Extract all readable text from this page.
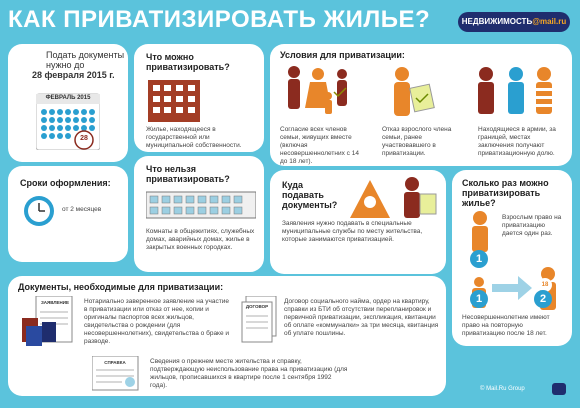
КАК ПРИВАТИЗИРОВАТЬ ЖИЛЬЕ?	НЕДВИЖИМОСТЬ@mail.ru
Подать документы
нужно до
28 февраля 2015 г.
ФЕВРАЛЬ 2015
28
Сроки оформления:
от 2 месяцев
Что можно приватизировать?
Жилье, находящееся в государственной или муниципальной собственности.
Что нельзя приватизировать?
Комнаты в общежитиях, служебных домах, аварийных домах, жилье в закрытых военных городках.
Условия для приватизации:
Согласие всех членов семьи, живущих вместе (включая несовершеннолетних с 14 до 18 лет).
Отказ взрослого члена семьи, ранее участвовавшего в приватизации.
Находящиеся в армии, за границей, местах заключения получают приватизационную долю.
Куда подавать документы?
Заявления нужно подавать в специальные муниципальные службы по месту жительства, которые занимаются приватизацией.
Сколько раз можно приватизировать жилье?
Взрослым право на приватизацию дается один раз.
1
1
18
2
Несовершеннолетние имеют право на повторную приватизацию после 18 лет.
Документы, необходимые для приватизации:
ЗАЯВЛЕНИЕ	Нотариально заверенное заявление на участие в приватизации или отказ от нее, копии и оригиналы паспортов всех жильцов, свидетельства о рождении (для несовершеннолетних), свидетельства о браке и разводе.
ДОГОВОР
Договор социального найма, ордер на квартиру, справки из БТИ об отсутствии перепланировок и первичной приватизации, экспликация, квитанции об оплате «коммуналки» за три месяца, квитанция об уплате пошлины.
СПРАВКА	Сведения о прежнем месте жительства и справку, подтверждающую неиспользование права на приватизацию (для жильцов, прописавшихся в квартире после 1 сентября 1992 года).	© Mail.Ru Group
